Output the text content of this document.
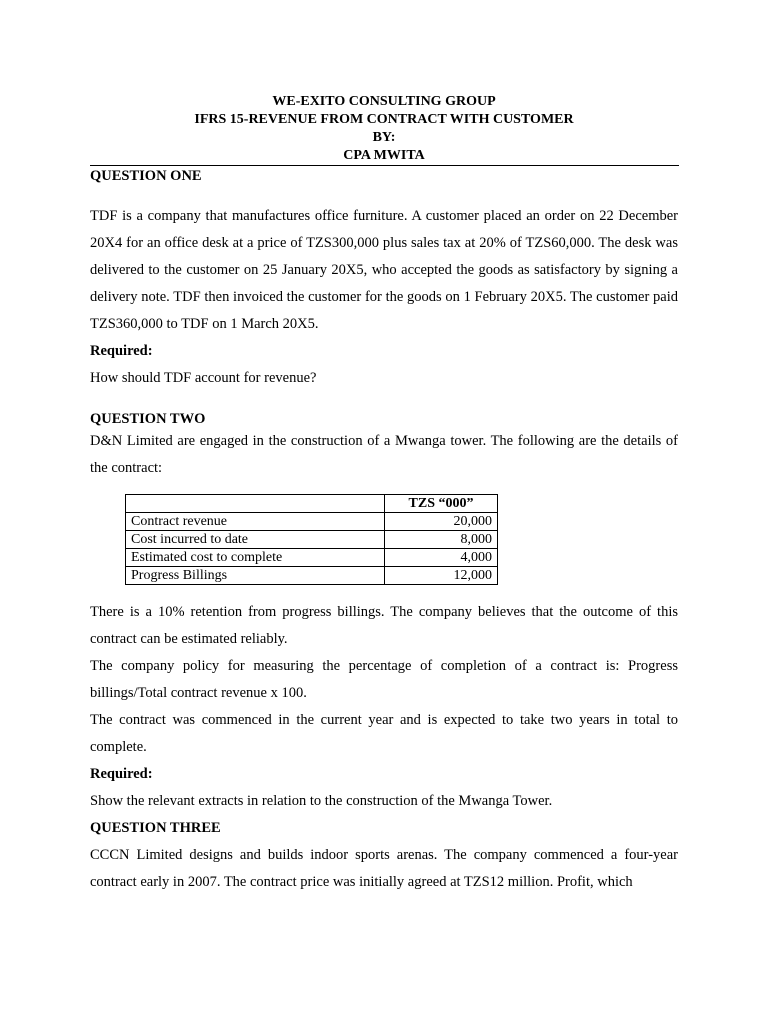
WE-EXITO CONSULTING GROUP
IFRS 15-REVENUE FROM CONTRACT WITH CUSTOMER
BY:
CPA MWITA

QUESTION ONE

TDF is a company that manufactures office furniture. A customer placed an order on 22 December 20X4 for an office desk at a price of TZS300,000 plus sales tax at 20% of TZS60,000. The desk was delivered to the customer on 25 January 20X5, who accepted the goods as satisfactory by signing a delivery note. TDF then invoiced the customer for the goods on 1 February 20X5. The customer paid TZS360,000 to TDF on 1 March 20X5.

Required:

How should TDF account for revenue?

QUESTION TWO

D&N Limited are engaged in the construction of a Mwanga tower. The following are the details of the contract:

	TZS “000”
Contract revenue	20,000
Cost incurred to date	8,000
Estimated cost to complete	4,000
Progress Billings	12,000

There is a 10% retention from progress billings. The company believes that the outcome of this contract can be estimated reliably.

The company policy for measuring the percentage of completion of a contract is: Progress billings/Total contract revenue x 100.

The contract was commenced in the current year and is expected to take two years in total to complete.

Required:

Show the relevant extracts in relation to the construction of the Mwanga Tower.

QUESTION THREE

CCCN Limited designs and builds indoor sports arenas. The company commenced a four-year contract early in 2007. The contract price was initially agreed at TZS12 million. Profit, which
